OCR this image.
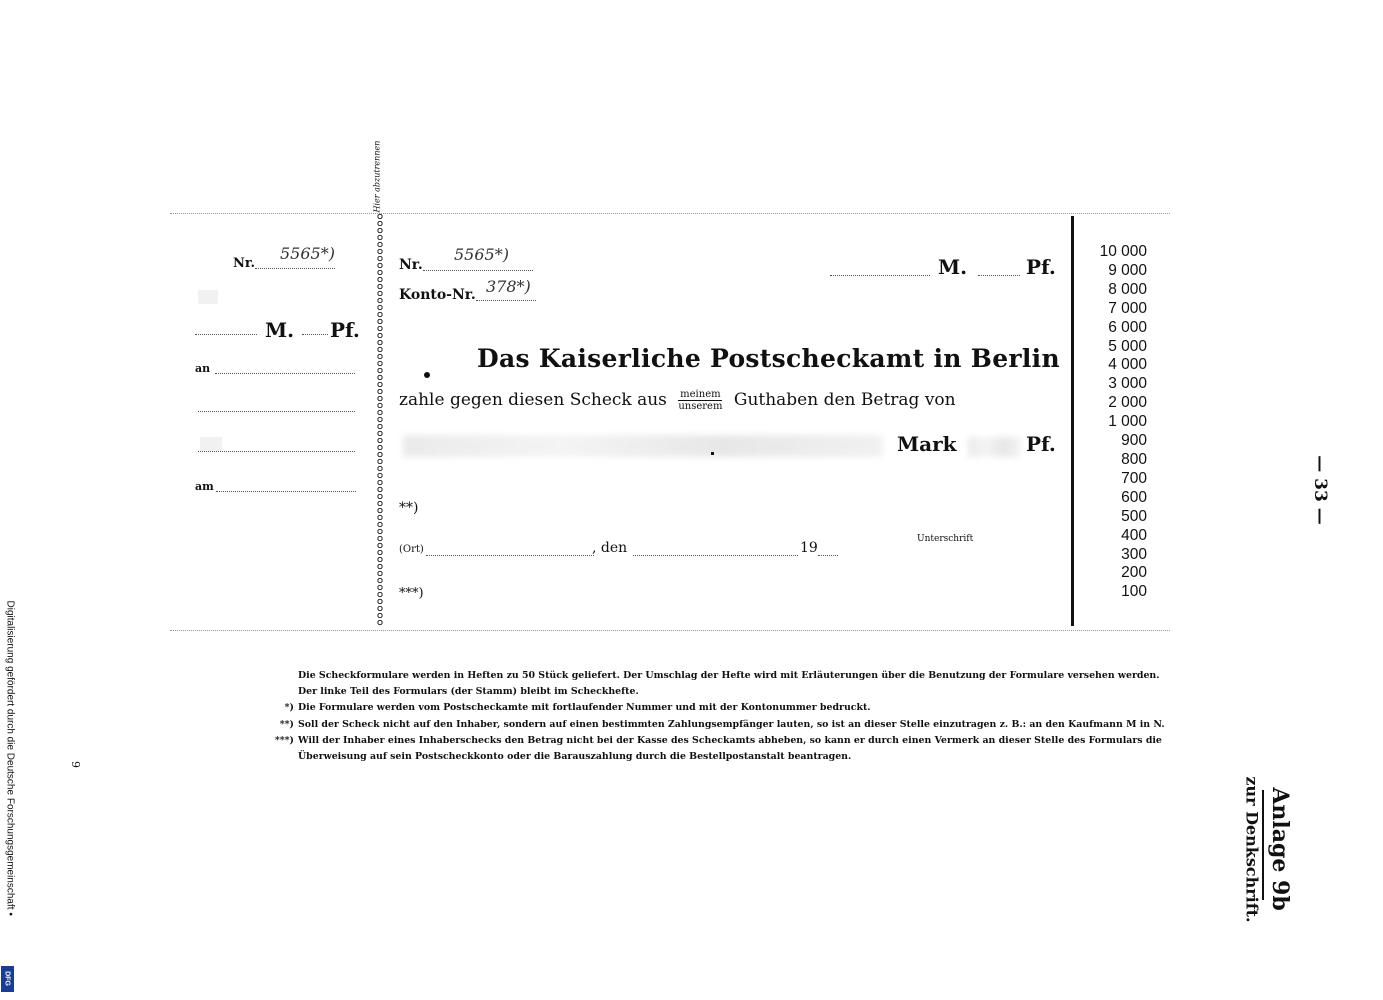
Hier abzutrennen
Nr.
5565*)
M. Pf.
an
am
Nr.
5565*)
Konto-Nr. 378*)
M.	Pf.
Das Kaiserliche Postscheckamt in Berlin
zahle gegen diesen Scheck aus meinem
unserem Guthaben den Betrag von
Mark	Pf.
**)
(Ort)	, den	19
Unterschrift
***)
10 000
9 000
8 000
7 000
6 000
5 000
4 000
3 000
2 000
1 000
900
800
700
600
500
400
300
200
100
Die Scheckformulare werden in Heften zu 50 Stück geliefert. Der Umschlag der Hefte wird mit Erläuterungen über die Benutzung der Formulare versehen werden.
Der linke Teil des Formulars (der Stamm) bleibt im Scheckhefte.
*) Die Formulare werden vom Postscheckamte mit fortlaufender Nummer und mit der Kontonummer bedruckt.
**) Soll der Scheck nicht auf den Inhaber, sondern auf einen bestimmten Zahlungsempfänger lauten, so ist an dieser Stelle einzutragen z. B.: an den Kaufmann M in N.
***) Will der Inhaber eines Inhaberschecks den Betrag nicht bei der Kasse des Scheckamts abheben, so kann er durch einen Vermerk an dieser Stelle des Formulars die
Überweisung auf sein Postscheckkonto oder die Barauszahlung durch die Bestellpostanstalt beantragen.
— 33 —
Anlage 9b
zur Denkschrift.
Digitalisierung gefördert durch die Deutsche Forschungsgemeinschaft •
DFG
9
